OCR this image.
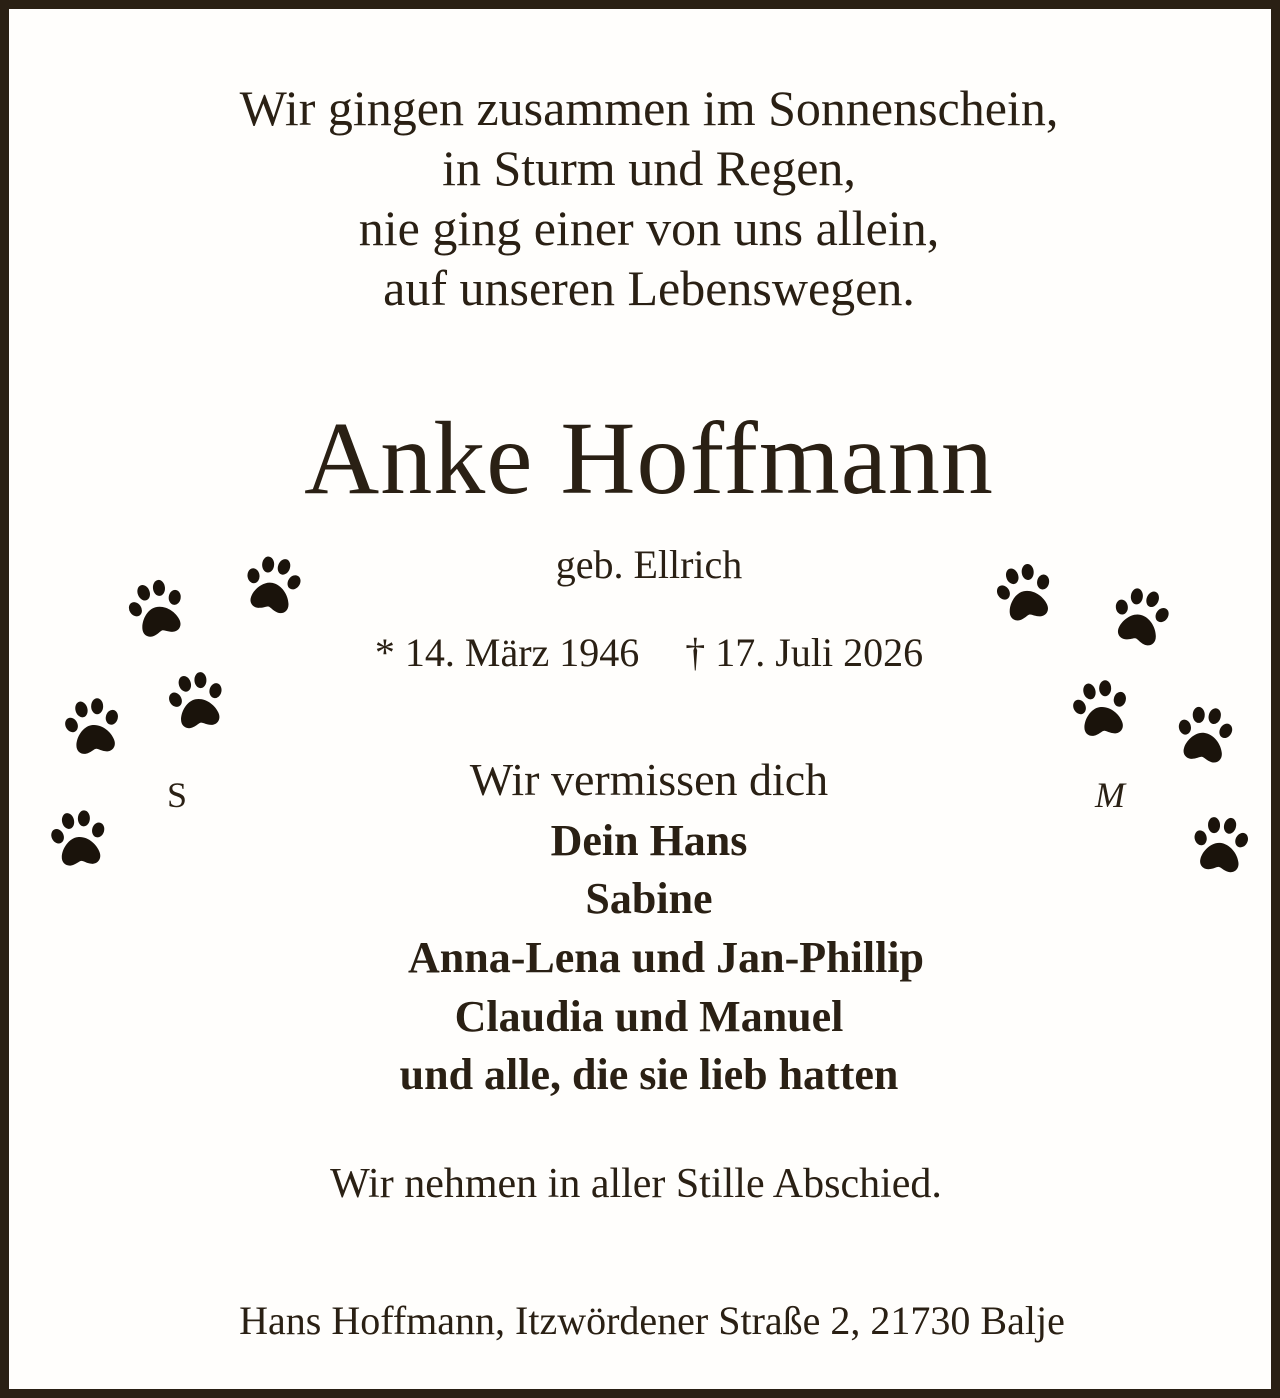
Wir gingen zusammen im Sonnenschein,
in Sturm und Regen,
nie ging einer von uns allein,
auf unseren Lebenswegen.
Anke Hoffmann
geb. Ellrich
* 14. März 1946 † 17. Juli 2026
Wir vermissen dich
Dein Hans
Sabine
Anna-Lena und Jan-Phillip
Claudia und Manuel
und alle, die sie lieb hatten
Wir nehmen in aller Stille Abschied.
Hans Hoffmann, Itzwördener Straße 2, 21730 Balje
S	M
